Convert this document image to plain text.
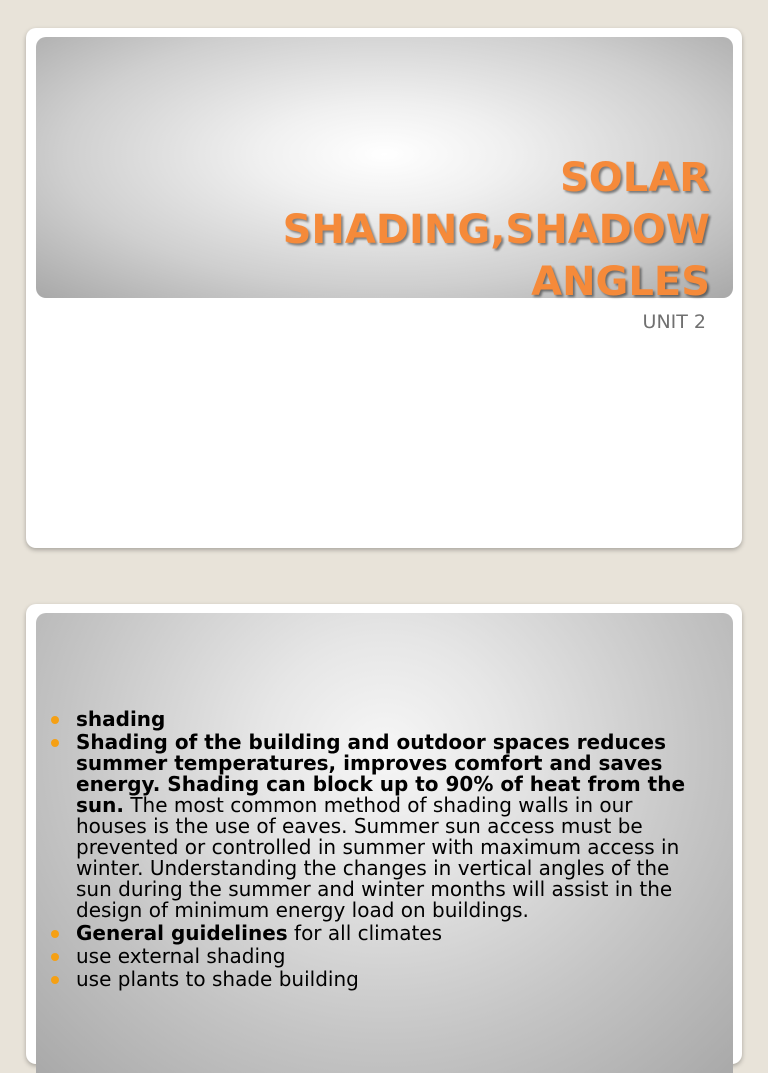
SOLAR
SHADING,SHADOW
ANGLES

UNIT 2

shading
Shading of the building and outdoor spaces reduces summer temperatures, improves comfort and saves energy. Shading can block up to 90% of heat from the sun. The most common method of shading walls in our houses is the use of eaves. Summer sun access must be prevented or controlled in summer with maximum access in winter. Understanding the changes in vertical angles of the sun during the summer and winter months will assist in the design of minimum energy load on buildings.
General guidelines for all climates
use external shading
use plants to shade building
